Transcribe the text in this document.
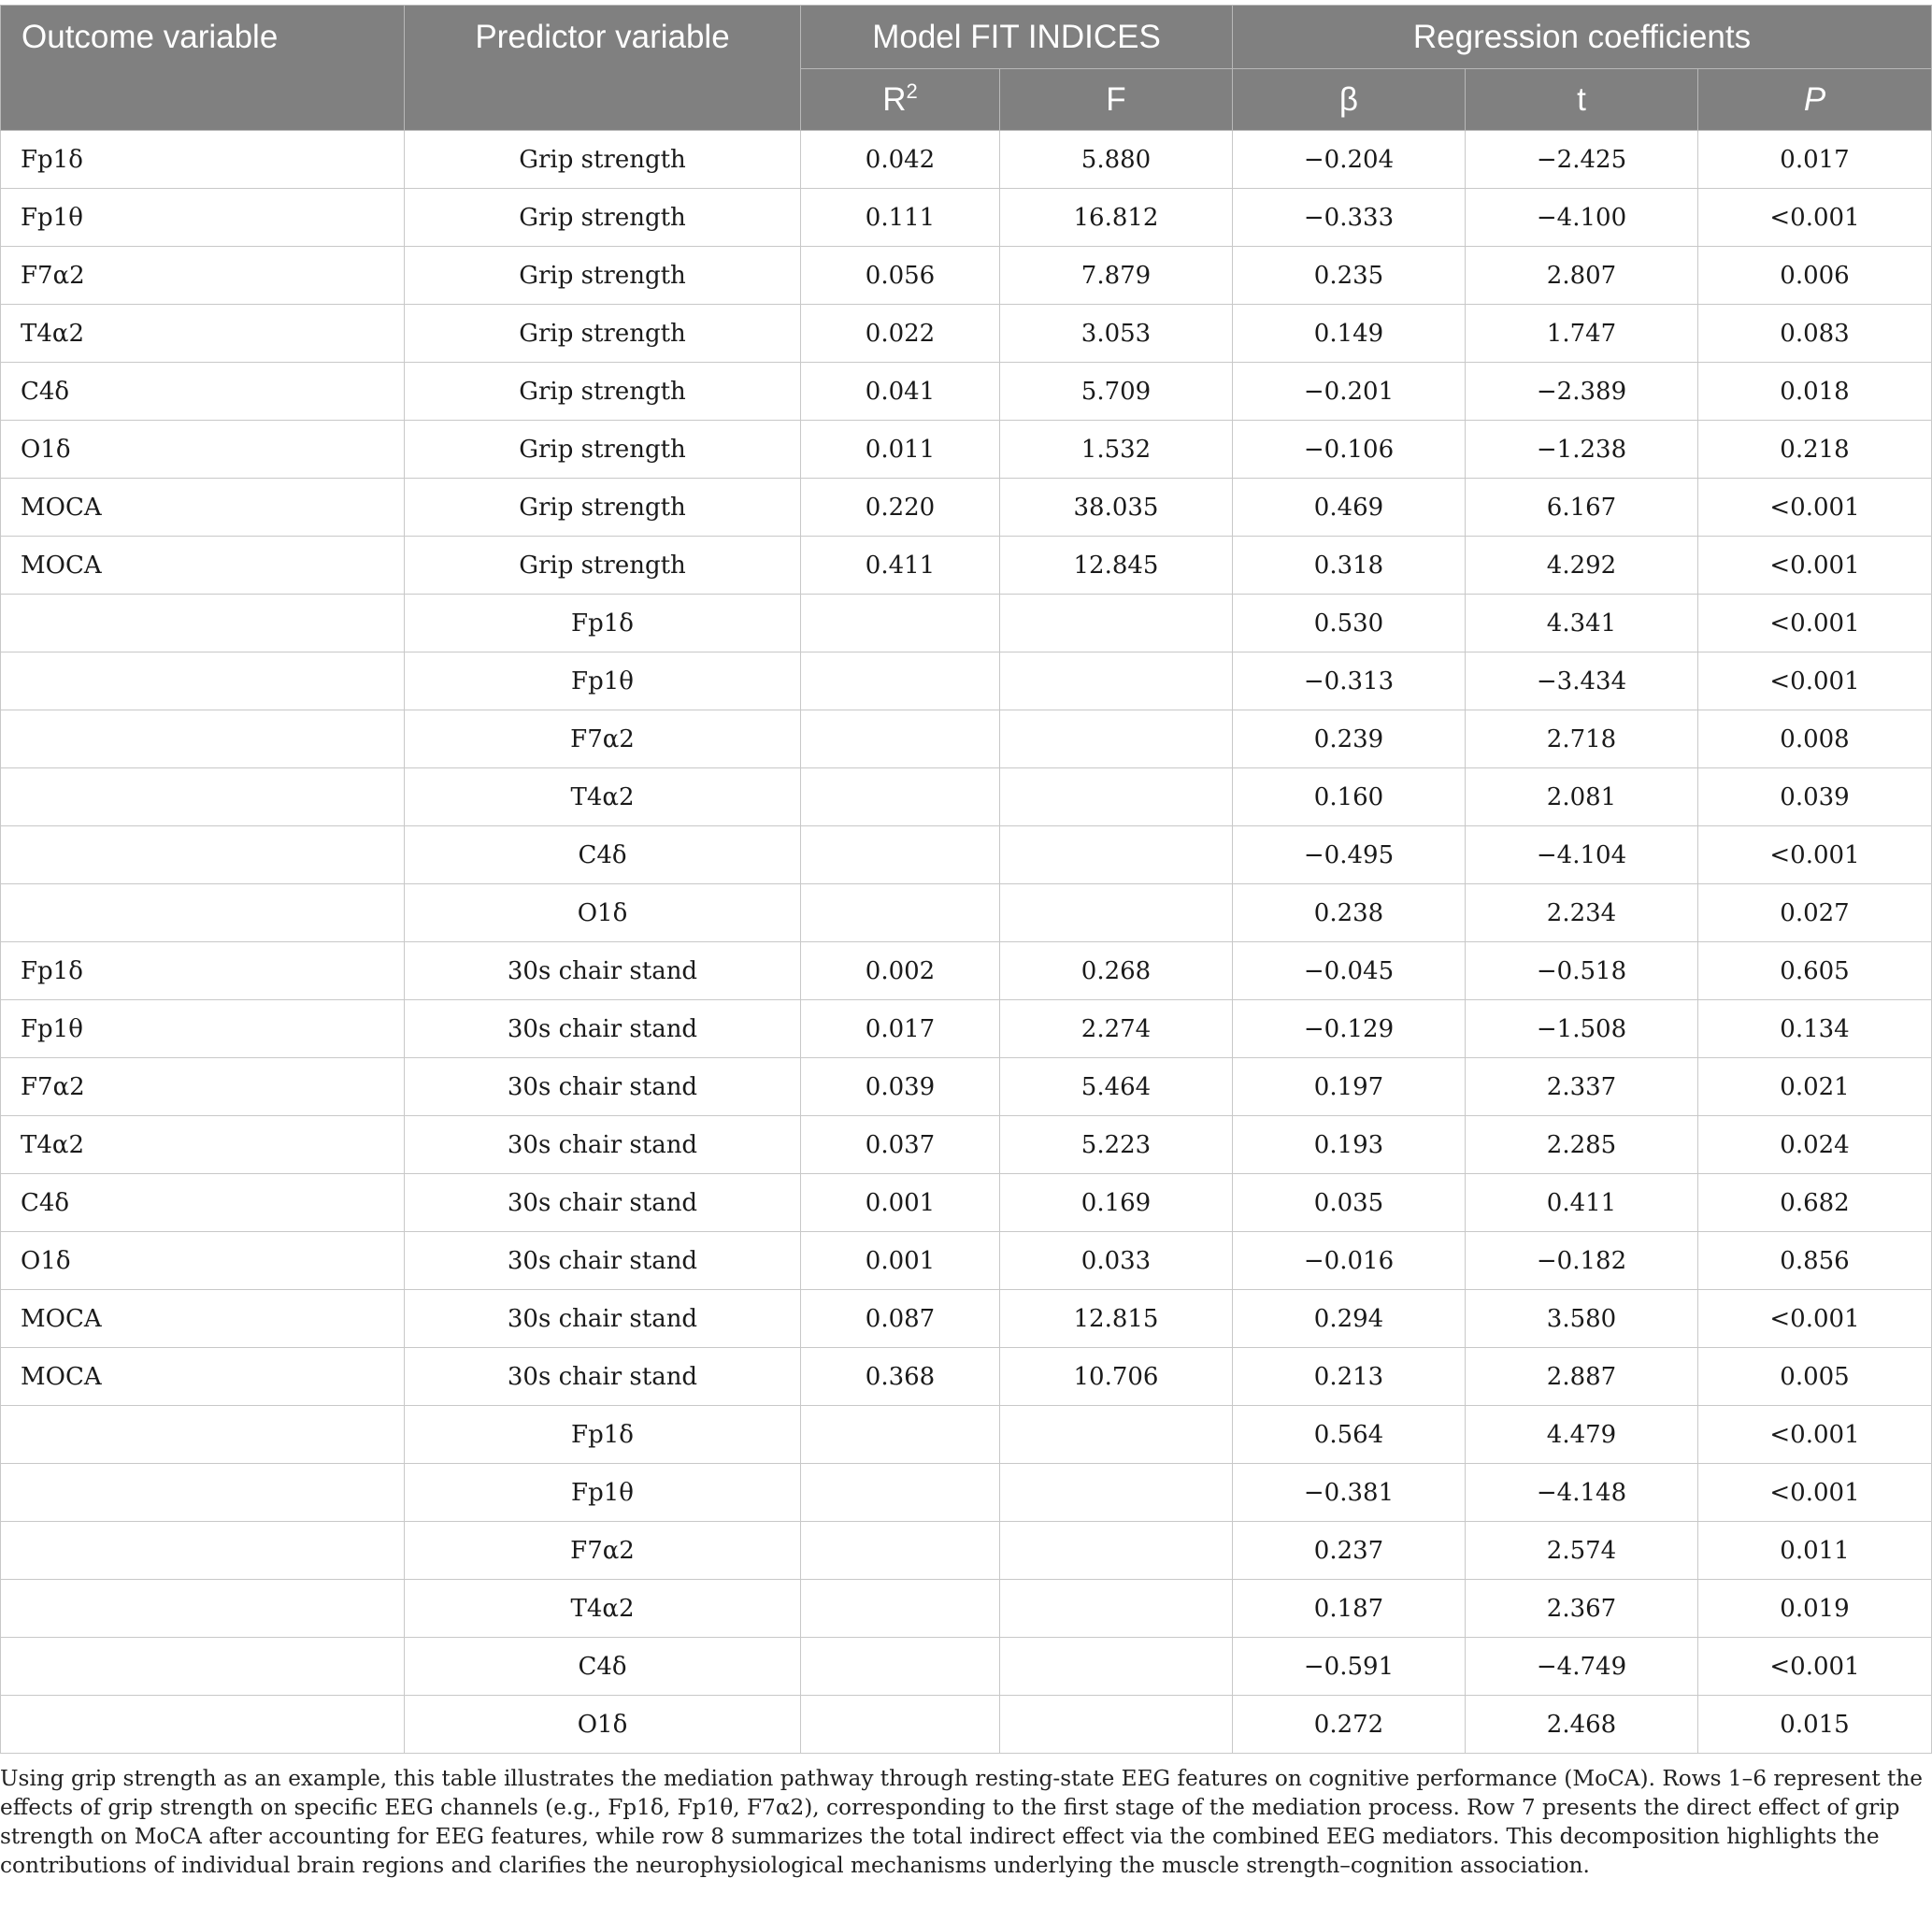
Outcome variable	Predictor variable	Model FIT INDICES		Regression coefficients		
		$R^2$	F	β	t	P
Fp1δ	Grip strength	0.042	5.880	−0.204	−2.425	0.017
Fp1θ	Grip strength	0.111	16.812	−0.333	−4.100	<0.001
F7α2	Grip strength	0.056	7.879	0.235	2.807	0.006
T4α2	Grip strength	0.022	3.053	0.149	1.747	0.083
C4δ	Grip strength	0.041	5.709	−0.201	−2.389	0.018
O1δ	Grip strength	0.011	1.532	−0.106	−1.238	0.218
MOCA	Grip strength	0.220	38.035	0.469	6.167	<0.001
MOCA	Grip strength	0.411	12.845	0.318	4.292	<0.001
	Fp1δ			0.530	4.341	<0.001
	Fp1θ			−0.313	−3.434	<0.001
	F7α2			0.239	2.718	0.008
	T4α2			0.160	2.081	0.039
	C4δ			−0.495	−4.104	<0.001
	O1δ			0.238	2.234	0.027
Fp1δ	30s chair stand	0.002	0.268	−0.045	−0.518	0.605
Fp1θ	30s chair stand	0.017	2.274	−0.129	−1.508	0.134
F7α2	30s chair stand	0.039	5.464	0.197	2.337	0.021
T4α2	30s chair stand	0.037	5.223	0.193	2.285	0.024
C4δ	30s chair stand	0.001	0.169	0.035	0.411	0.682
O1δ	30s chair stand	0.001	0.033	−0.016	−0.182	0.856
MOCA	30s chair stand	0.087	12.815	0.294	3.580	<0.001
MOCA	30s chair stand	0.368	10.706	0.213	2.887	0.005
	Fp1δ			0.564	4.479	<0.001
	Fp1θ			−0.381	−4.148	<0.001
	F7α2			0.237	2.574	0.011
	T4α2			0.187	2.367	0.019
	C4δ			−0.591	−4.749	<0.001
	O1δ			0.272	2.468	0.015

Using grip strength as an example, this table illustrates the mediation pathway through resting-state EEG features on cognitive performance (MoCA). Rows 1–6 represent the effects of grip strength on specific EEG channels (e.g., Fp1δ, Fp1θ, F7α2), corresponding to the first stage of the mediation process. Row 7 presents the direct effect of grip strength on MoCA after accounting for EEG features, while row 8 summarizes the total indirect effect via the combined EEG mediators. This decomposition highlights the contributions of individual brain regions and clarifies the neurophysiological mechanisms underlying the muscle strength–cognition association.
